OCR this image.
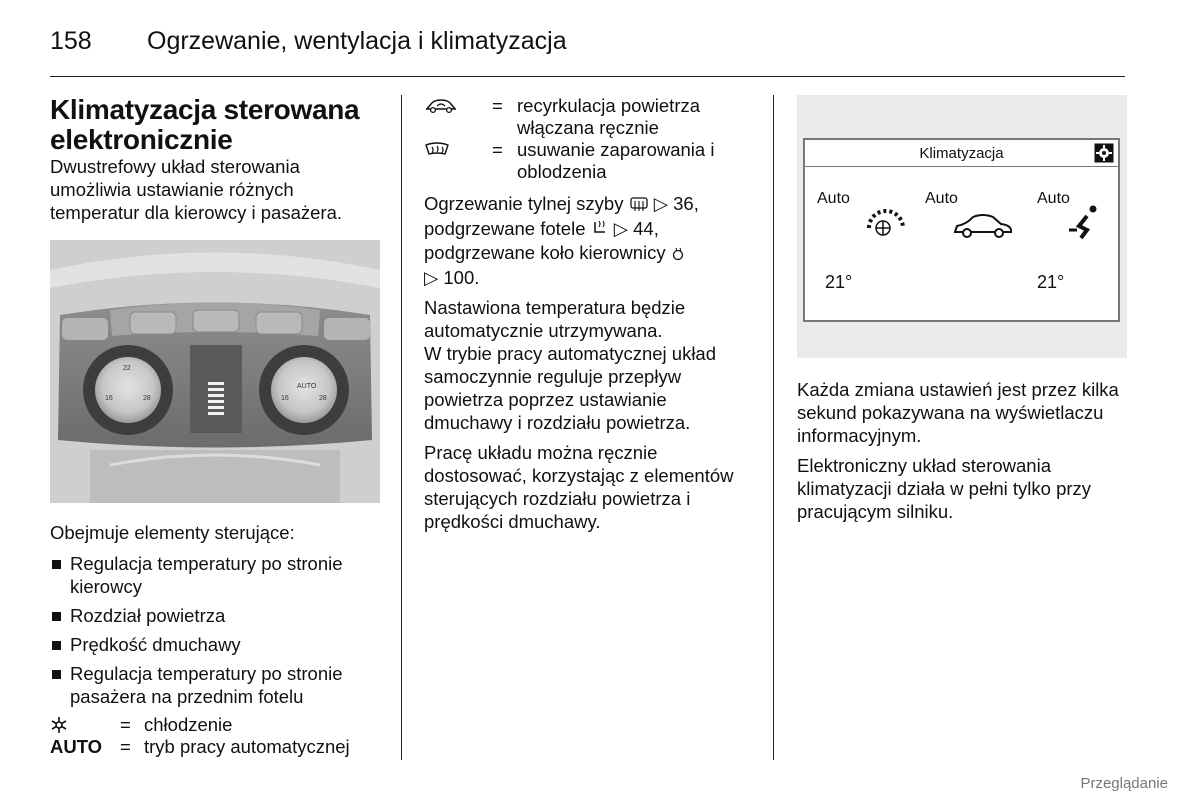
158 Ogrzewanie, wentylacja i klimatyzacja
Klimatyzacja sterowana elektronicznie

Dwustrefowy układ sterowania umożliwia ustawianie różnych temperatur dla kierowcy i pasażera.

22
16	28
AUTO
16	28

Obejmuje elementy sterujące:

Regulacja temperatury po stronie kierowcy
Rozdział powietrza
Prędkość dmuchawy
Regulacja temperatury po stronie pasażera na przednim fotelu
= chłodzenie
AUTO = tryb pracy automatycznej
= recyrkulacja powietrza włączana ręcznie
= usuwanie zaparowania i oblodzenia

Ogrzewanie tylnej szyby ▷ 36,
podgrzewane fotele ▷ 44,
podgrzewane koło kierownicy
▷ 100.

Nastawiona temperatura będzie automatycznie utrzymywana.

W trybie pracy automatycznej układ samoczynnie reguluje przepływ powietrza poprzez ustawianie dmuchawy i rozdziału powietrza.

Pracę układu można ręcznie dostosować, korzystając z elementów sterujących rozdziału powietrza i prędkości dmuchawy.

Klimatyzacja
Auto	Auto	Auto
21°	21°

Każda zmiana ustawień jest przez kilka sekund pokazywana na wyświetlaczu informacyjnym.

Elektroniczny układ sterowania klimatyzacji działa w pełni tylko przy pracującym silniku.

Przeglądanie
